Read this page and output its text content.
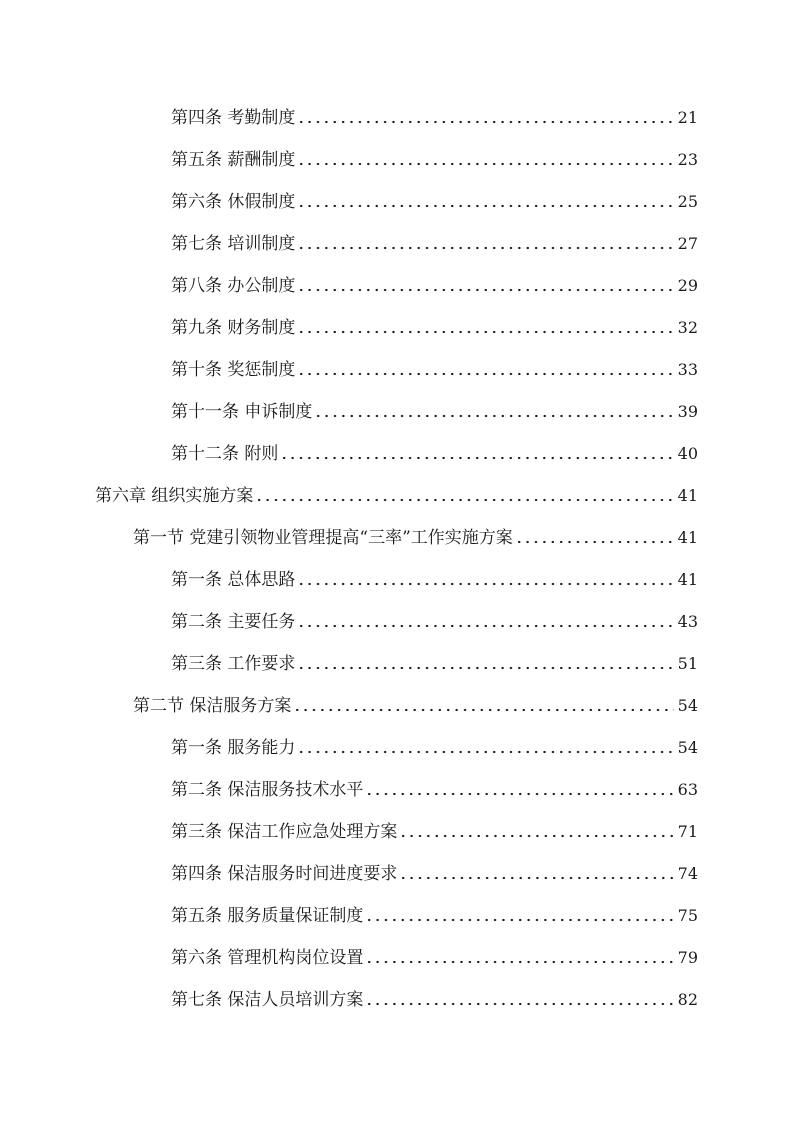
第四条 考勤制度	21
第五条 薪酬制度	23
第六条 休假制度	25
第七条 培训制度	27
第八条 办公制度	29
第九条 财务制度	32
第十条 奖惩制度	33
第十一条 申诉制度	39
第十二条 附则	40
第六章 组织实施方案	41
第一节 党建引领物业管理提高“三率”工作实施方案	41
第一条 总体思路	41
第二条 主要任务	43
第三条 工作要求	51
第二节 保洁服务方案	54
第一条 服务能力	54
第二条 保洁服务技术水平	63
第三条 保洁工作应急处理方案	71
第四条 保洁服务时间进度要求	74
第五条 服务质量保证制度	75
第六条 管理机构岗位设置	79
第七条 保洁人员培训方案	82
